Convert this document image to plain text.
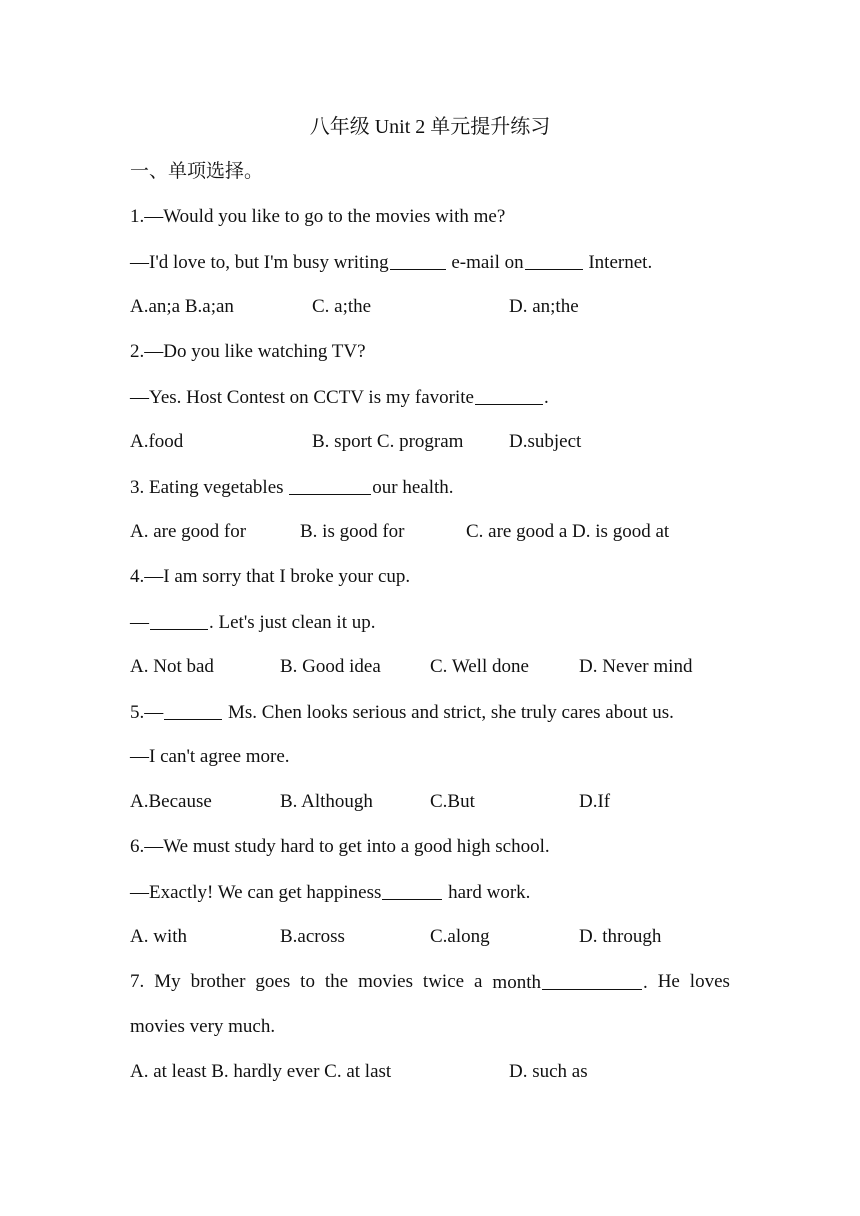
八年级 Unit 2 单元提升练习
一、单项选择。
1.—Would you like to go to the movies with me?
—I'd love to, but I'm busy writing	e-mail on	Internet.
A.an;a B.a;an	C. a;the	D. an;the
2.—Do you like watching TV?
—Yes. Host Contest on CCTV is my favorite	.
A.food	B. sport C. program D.subject
3. Eating vegetables	our health.
A. are good for	B. is good for	C. are good a D. is good at
4.—I am sorry that I broke your cup.
—	. Let's just clean it up.
A. Not bad	B. Good idea	C. Well done	D. Never mind
5.—	Ms. Chen looks serious and strict, she truly cares about us.
—I can't agree more.
A.Because	B. Although	C.But	D.If
6.—We must study hard to get into a good high school.
—Exactly! We can get happiness	hard work.
A. with	B.across	C.along	D. through
7. My brother goes to the movies twice a month	. He loves
movies very much.
A. at least B. hardly ever C. at last	D. such as
